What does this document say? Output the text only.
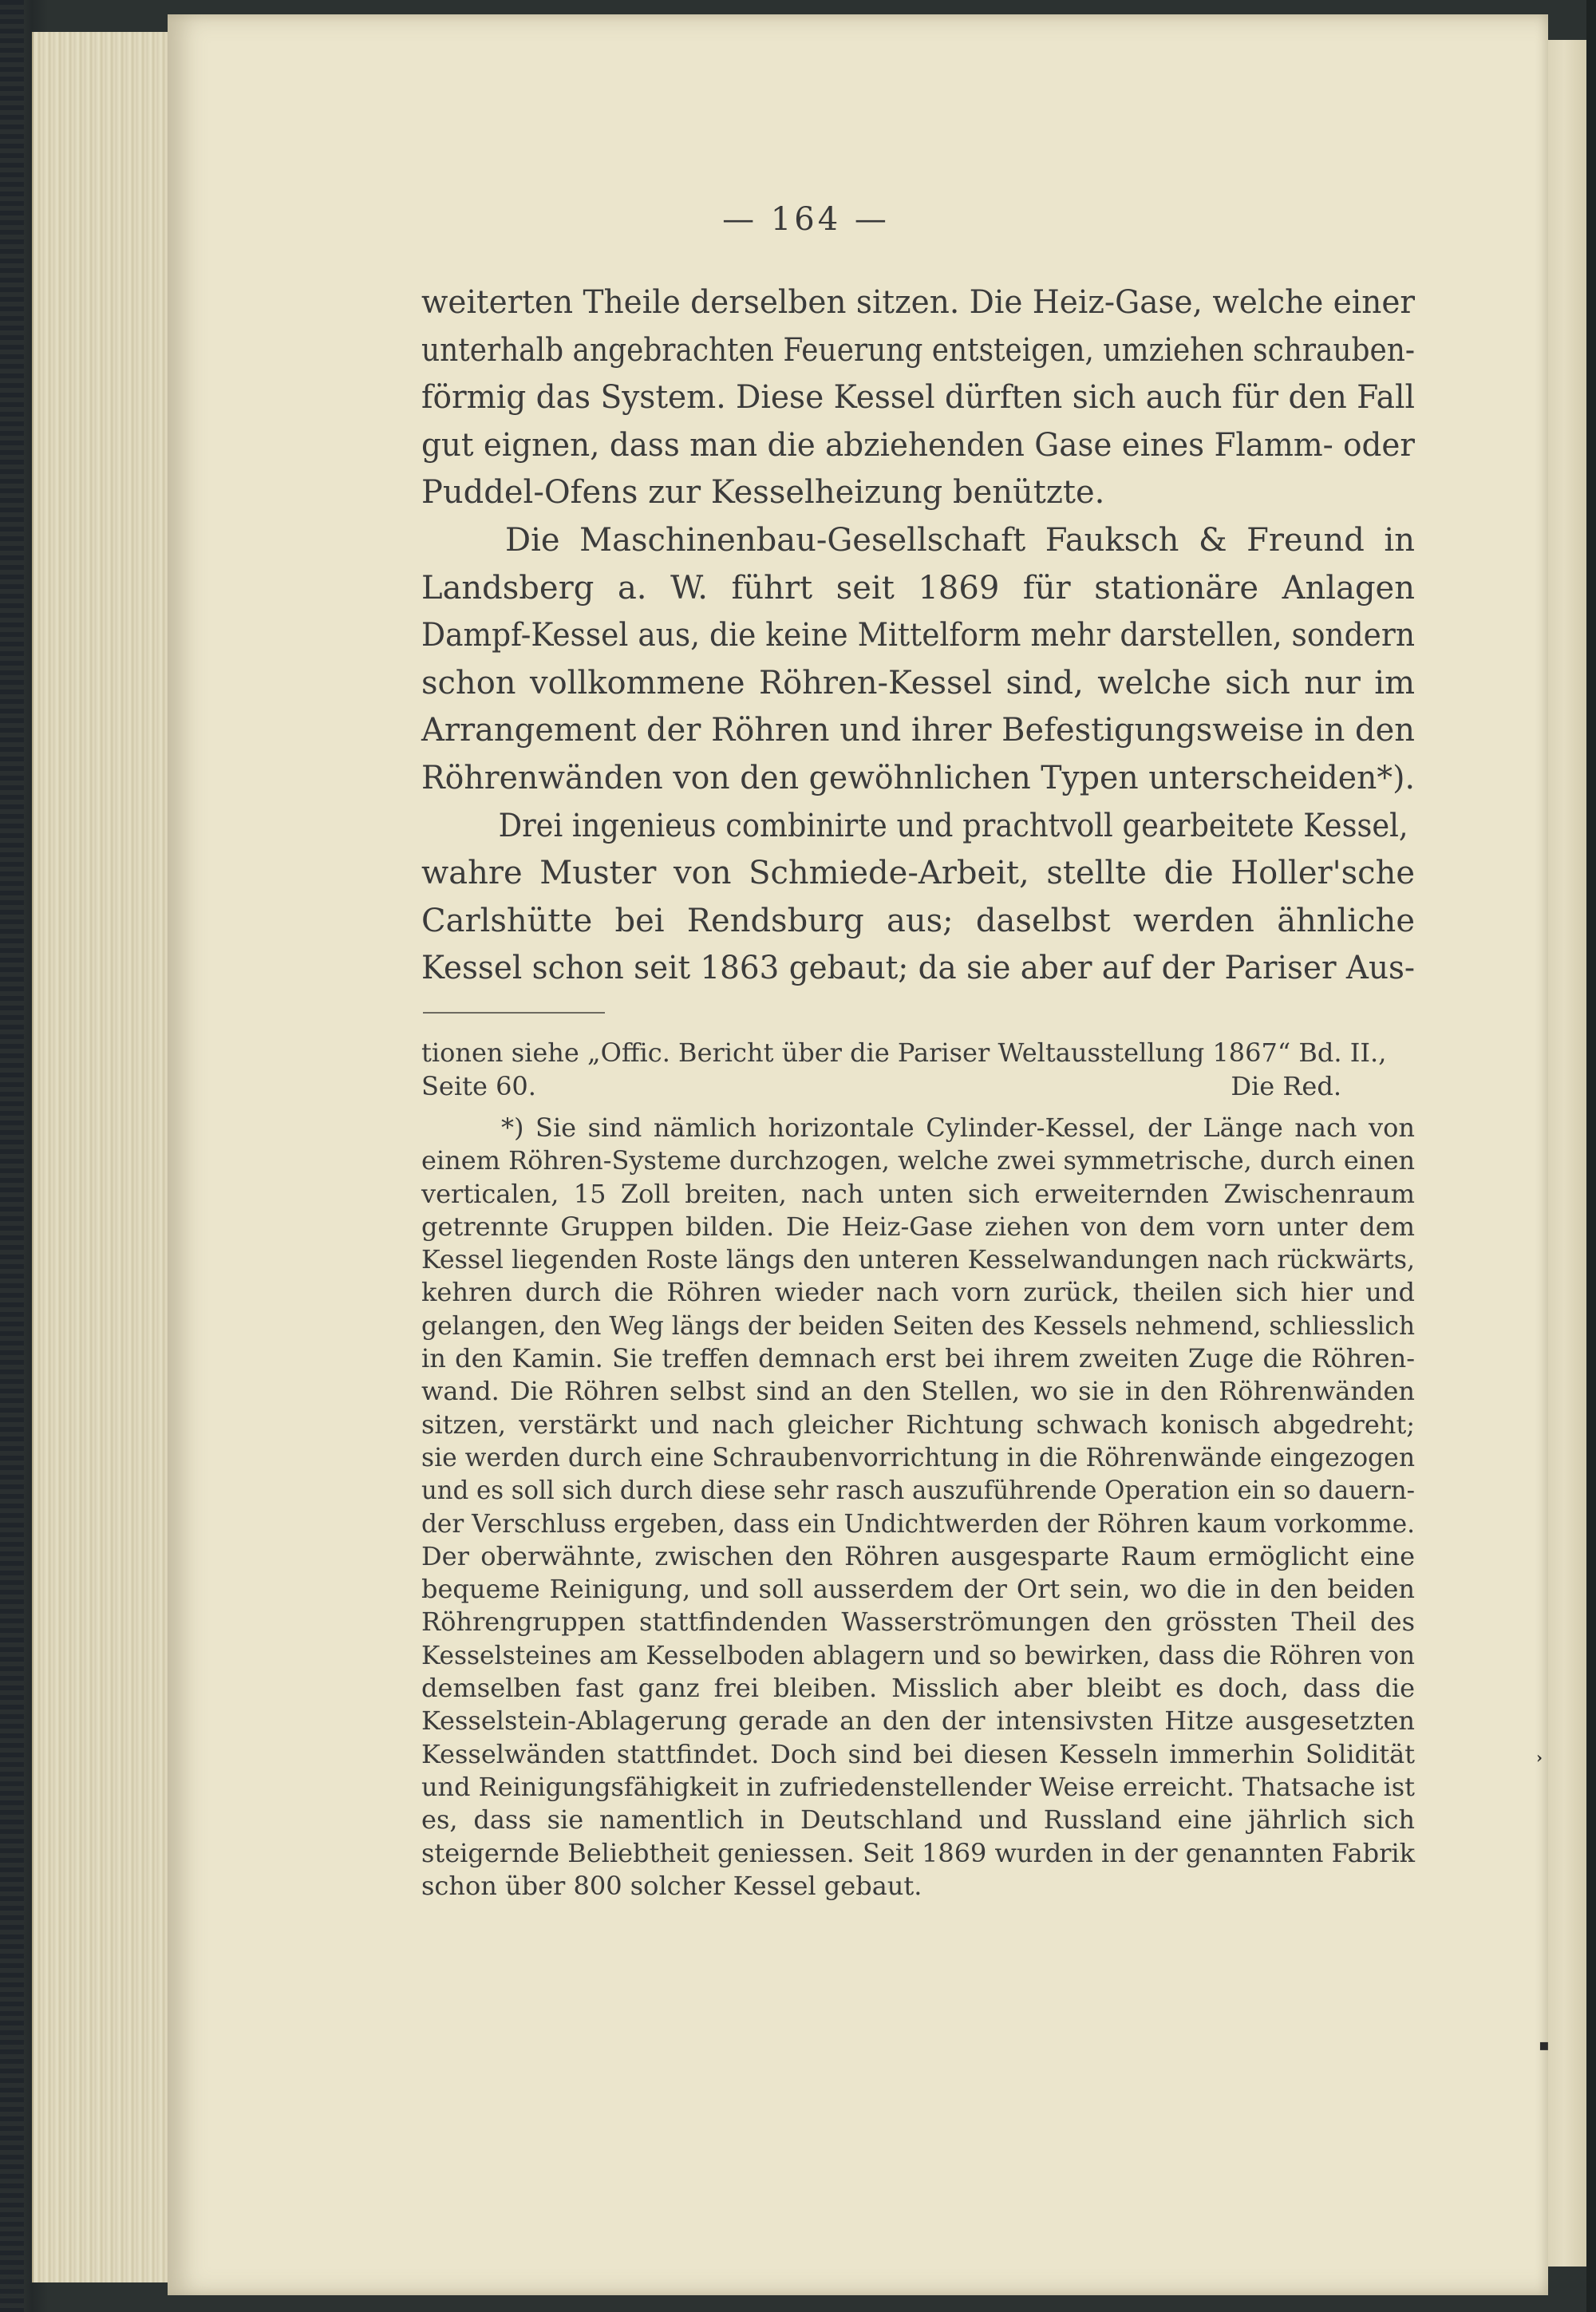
— 164 —
weiterten Theile derselben sitzen. Die Heiz-Gase, welche einer
unterhalb angebrachten Feuerung entsteigen, umziehen schrauben-
förmig das System. Diese Kessel dürften sich auch für den Fall
gut eignen, dass man die abziehenden Gase eines Flamm- oder
Puddel-Ofens zur Kesselheizung benützte.
Die Maschinenbau-Gesellschaft Fauksch & Freund in
Landsberg a. W. führt seit 1869 für stationäre Anlagen
Dampf-Kessel aus, die keine Mittelform mehr darstellen, sondern
schon vollkommene Röhren-Kessel sind, welche sich nur im
Arrangement der Röhren und ihrer Befestigungsweise in den
Röhrenwänden von den gewöhnlichen Typen unterscheiden*).
Drei ingenieus combinirte und prachtvoll gearbeitete Kessel,
wahre Muster von Schmiede-Arbeit, stellte die Holler'sche
Carlshütte bei Rendsburg aus; daselbst werden ähnliche
Kessel schon seit 1863 gebaut; da sie aber auf der Pariser Aus-
tionen siehe „Offic. Bericht über die Pariser Weltausstellung 1867“ Bd. II.,
Seite 60.	Die Red.
*) Sie sind nämlich horizontale Cylinder-Kessel, der Länge nach von
einem Röhren-Systeme durchzogen, welche zwei symmetrische, durch einen
verticalen, 15 Zoll breiten, nach unten sich erweiternden Zwischenraum
getrennte Gruppen bilden. Die Heiz-Gase ziehen von dem vorn unter dem
Kessel liegenden Roste längs den unteren Kesselwandungen nach rückwärts,
kehren durch die Röhren wieder nach vorn zurück, theilen sich hier und
gelangen, den Weg längs der beiden Seiten des Kessels nehmend, schliesslich
in den Kamin. Sie treffen demnach erst bei ihrem zweiten Zuge die Röhren-
wand. Die Röhren selbst sind an den Stellen, wo sie in den Röhrenwänden
sitzen, verstärkt und nach gleicher Richtung schwach konisch abgedreht;
sie werden durch eine Schraubenvorrichtung in die Röhrenwände eingezogen
und es soll sich durch diese sehr rasch auszuführende Operation ein so dauern-
der Verschluss ergeben, dass ein Undichtwerden der Röhren kaum vorkomme.
Der oberwähnte, zwischen den Röhren ausgesparte Raum ermöglicht eine
bequeme Reinigung, und soll ausserdem der Ort sein, wo die in den beiden
Röhrengruppen stattfindenden Wasserströmungen den grössten Theil des
Kesselsteines am Kesselboden ablagern und so bewirken, dass die Röhren von
demselben fast ganz frei bleiben. Misslich aber bleibt es doch, dass die
Kesselstein-Ablagerung gerade an den der intensivsten Hitze ausgesetzten
Kesselwänden stattfindet. Doch sind bei diesen Kesseln immerhin Solidität
und Reinigungsfähigkeit in zufriedenstellender Weise erreicht. Thatsache ist
es, dass sie namentlich in Deutschland und Russland eine jährlich sich
steigernde Beliebtheit geniessen. Seit 1869 wurden in der genannten Fabrik
schon über 800 solcher Kessel gebaut.
›
▪
